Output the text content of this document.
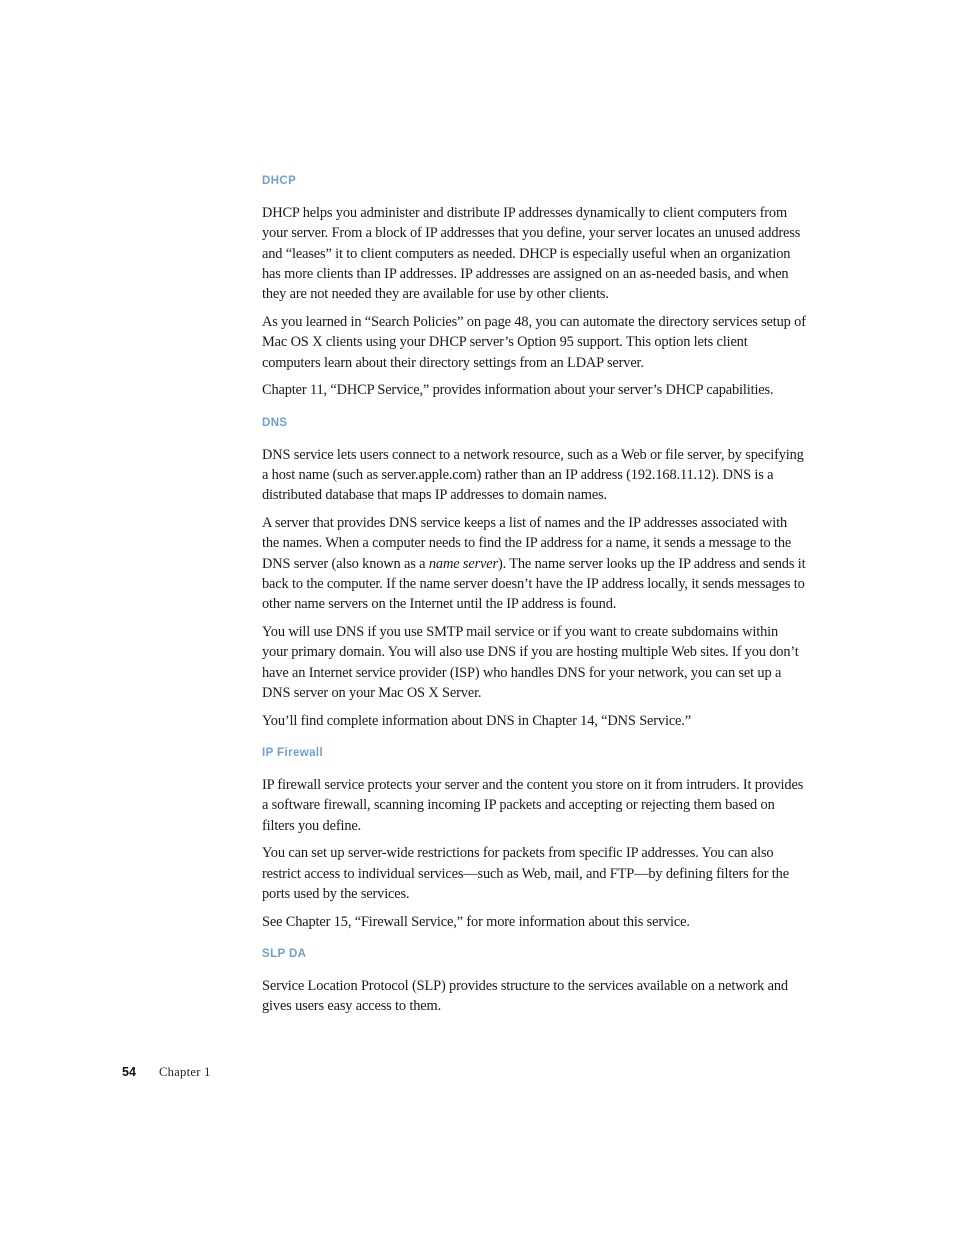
DHCP

DHCP helps you administer and distribute IP addresses dynamically to client computers from your server. From a block of IP addresses that you define, your server locates an unused address and “leases” it to client computers as needed. DHCP is especially useful when an organization has more clients than IP addresses. IP addresses are assigned on an as-needed basis, and when they are not needed they are available for use by other clients.

As you learned in “Search Policies” on page 48, you can automate the directory services setup of Mac OS X clients using your DHCP server’s Option 95 support. This option lets client computers learn about their directory settings from an LDAP server.

Chapter 11, “DHCP Service,” provides information about your server’s DHCP capabilities.

DNS

DNS service lets users connect to a network resource, such as a Web or file server, by specifying a host name (such as server.apple.com) rather than an IP address (192.168.11.12). DNS is a distributed database that maps IP addresses to domain names.

A server that provides DNS service keeps a list of names and the IP addresses associated with the names. When a computer needs to find the IP address for a name, it sends a message to the DNS server (also known as a name server). The name server looks up the IP address and sends it back to the computer. If the name server doesn’t have the IP address locally, it sends messages to other name servers on the Internet until the IP address is found.

You will use DNS if you use SMTP mail service or if you want to create subdomains within your primary domain. You will also use DNS if you are hosting multiple Web sites. If you don’t have an Internet service provider (ISP) who handles DNS for your network, you can set up a DNS server on your Mac OS X Server.

You’ll find complete information about DNS in Chapter 14, “DNS Service.”

IP Firewall

IP firewall service protects your server and the content you store on it from intruders. It provides a software firewall, scanning incoming IP packets and accepting or rejecting them based on filters you define.

You can set up server-wide restrictions for packets from specific IP addresses. You can also restrict access to individual services—such as Web, mail, and FTP—by defining filters for the ports used by the services.

See Chapter 15, “Firewall Service,” for more information about this service.

SLP DA

Service Location Protocol (SLP) provides structure to the services available on a network and gives users easy access to them.

54	Chapter 1
